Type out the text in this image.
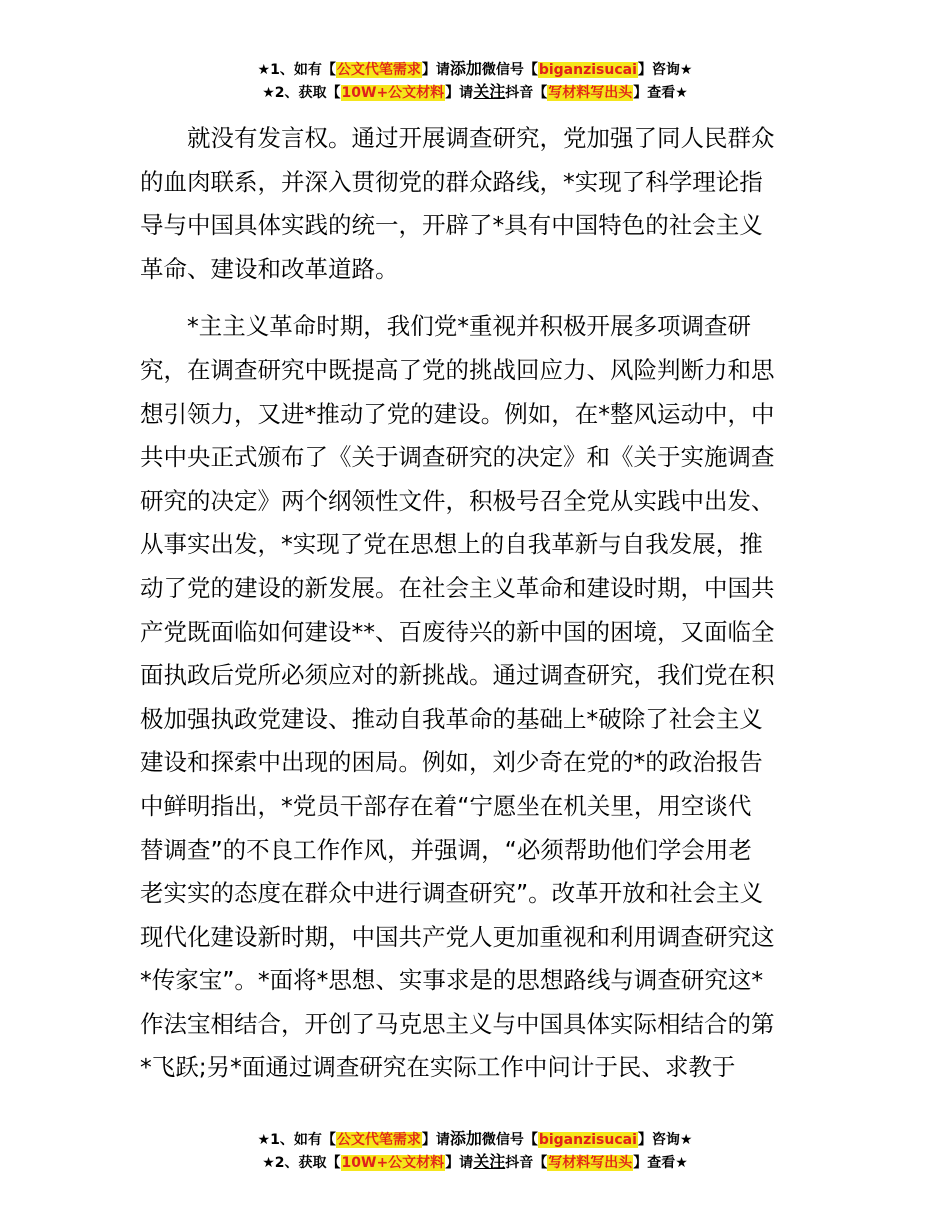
★1、如有【公文代笔需求】请添加微信号【biganzisucai】咨询★
★2、获取【10W+公文材料】请关注抖音【写材料写出头】查看★

　　就没有发言权。通过开展调查研究，党加强了同人民群众
的血肉联系，并深入贯彻党的群众路线，*实现了科学理论指
导与中国具体实践的统一，开辟了*具有中国特色的社会主义
革命、建设和改革道路。

　　*主主义革命时期，我们党*重视并积极开展多项调查研
究，在调查研究中既提高了党的挑战回应力、风险判断力和思
想引领力，又进*推动了党的建设。例如，在*整风运动中，中
共中央正式颁布了《关于调查研究的决定》和《关于实施调查
研究的决定》两个纲领性文件，积极号召全党从实践中出发、
从事实出发，*实现了党在思想上的自我革新与自我发展，推
动了党的建设的新发展。在社会主义革命和建设时期，中国共
产党既面临如何建设**、百废待兴的新中国的困境，又面临全
面执政后党所必须应对的新挑战。通过调查研究，我们党在积
极加强执政党建设、推动自我革命的基础上*破除了社会主义
建设和探索中出现的困局。例如，刘少奇在党的*的政治报告
中鲜明指出，*党员干部存在着“宁愿坐在机关里，用空谈代
替调查”的不良工作作风，并强调，“必须帮助他们学会用老
老实实的态度在群众中进行调查研究”。改革开放和社会主义
现代化建设新时期，中国共产党人更加重视和利用调查研究这
*传家宝”。*面将*思想、实事求是的思想路线与调查研究这*
作法宝相结合，开创了马克思主义与中国具体实际相结合的第
*飞跃;另*面通过调查研究在实际工作中问计于民、求教于

★1、如有【公文代笔需求】请添加微信号【biganzisucai】咨询★
★2、获取【10W+公文材料】请关注抖音【写材料写出头】查看★
